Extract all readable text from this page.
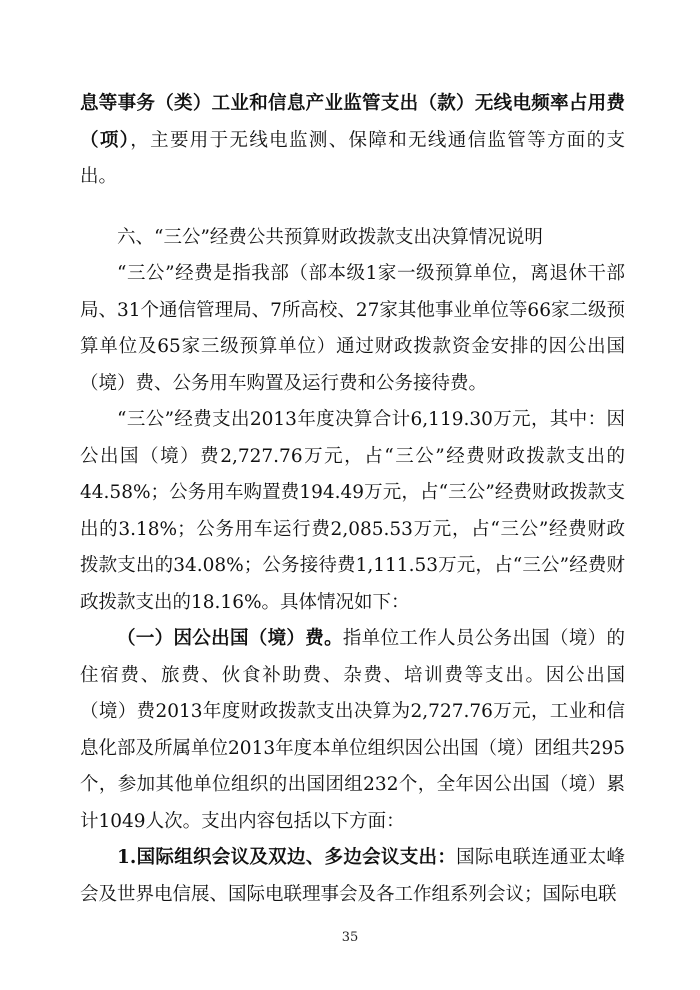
息等事务（类）工业和信息产业监管支出（款）无线电频率占用费（项），主要用于无线电监测、保障和无线通信监管等方面的支出。

六、“三公”经费公共预算财政拨款支出决算情况说明

“三公”经费是指我部（部本级1家一级预算单位，离退休干部局、31个通信管理局、7所高校、27家其他事业单位等66家二级预算单位及65家三级预算单位）通过财政拨款资金安排的因公出国（境）费、公务用车购置及运行费和公务接待费。

“三公”经费支出2013年度决算合计6,119.30万元，其中：因公出国（境）费2,727.76万元，占“三公”经费财政拨款支出的44.58%；公务用车购置费194.49万元，占“三公”经费财政拨款支出的3.18%；公务用车运行费2,085.53万元，占“三公”经费财政拨款支出的34.08%；公务接待费1,111.53万元，占“三公”经费财政拨款支出的18.16%。具体情况如下：

（一）因公出国（境）费。指单位工作人员公务出国（境）的住宿费、旅费、伙食补助费、杂费、培训费等支出。因公出国（境）费2013年度财政拨款支出决算为2,727.76万元，工业和信息化部及所属单位2013年度本单位组织因公出国（境）团组共295个，参加其他单位组织的出国团组232个，全年因公出国（境）累计1049人次。支出内容包括以下方面：

1.国际组织会议及双边、多边会议支出：国际电联连通亚太峰会及世界电信展、国际电联理事会及各工作组系列会议；国际电联

35
